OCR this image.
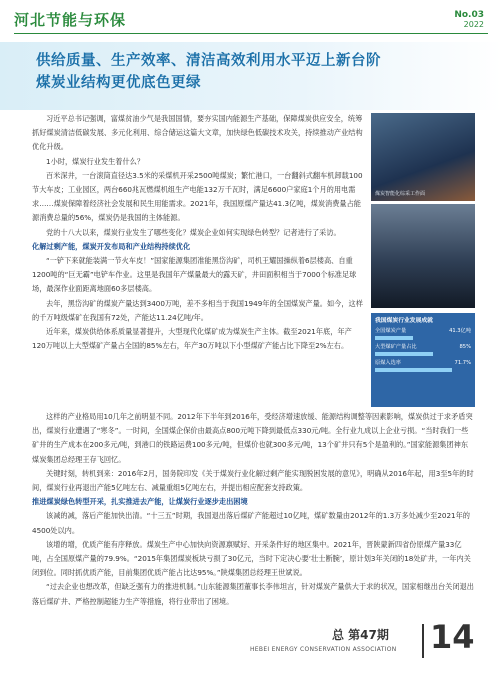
河北节能与环保	No.03
2022
供给质量、生产效率、清洁高效利用水平迈上新台阶
煤炭业结构更优底色更绿

习近平总书记强调，富煤贫油少气是我国国情，要夯实国内能源生产基础，保障煤炭供应安全，统筹抓好煤炭清洁低碳发展、多元化利用、综合储运这篇大文章，加快绿色低碳技术攻关，持续推动产业结构优化升级。

1小时，煤炭行业发生着什么？

百米深井，一台滚筒直径达3.5米的采煤机开采2500吨煤炭；繁忙港口，一台翻斜式翻车机卸载100节大车皮；工业园区，两台660兆瓦燃煤机组生产电能132万千瓦时，满足6600户家庭1个月的用电需求……煤炭保障着经济社会发展和民生用能需求。2021年，我国原煤产量达41.3亿吨，煤炭消费量占能源消费总量的56%，煤炭仍是我国的主体能源。

党的十八大以来，煤炭行业发生了哪些变化？煤炭企业如何实现绿色转型？记者进行了采访。

化解过剩产能，煤炭开发布局和产业结构持续优化

“一铲下来就能装满一节火车皮！”国家能源集团准能黑岱沟矿，司机王耀国操纵着6层楼高、自重1200吨的“巨无霸”电铲车作业。这里是我国年产煤量最大的露天矿，井田面积相当于7000个标准足球场，最深作业面距离地面60多层楼高。

去年，黑岱沟矿的煤炭产量达到3400万吨，差不多相当于我国1949年的全国煤炭产量。如今，这样的千万吨级煤矿在我国有72处，产能达11.24亿吨/年。

近年来，煤炭供给体系质量显著提升，大型现代化煤矿成为煤炭生产主体。截至2021年底，年产120万吨以上大型煤矿产量占全国的85%左右，年产30万吨以下小型煤矿产能占比下降至2%左右。

煤炭智能化综采工作面
我国煤炭行业发展成就
全国煤炭产量	41.3亿吨
大型煤矿产量占比	85%
原煤入选率	71.7%

这样的产业格局用10几年之前明显不同。2012年下半年到2016年，受经济增速放缓、能源结构调整等因素影响，煤炭供过于求矛盾突出，煤炭行业遭遇了“寒冬”。一时间，全国煤企保价由最高点800元吨下降到最低点330元/吨。全行业九成以上企业亏损。“当时我们一些矿井的生产成本在200多元/吨，到港口的铁路运费100多元/吨，但煤价也就300多元/吨，13个矿井只有5个是盈利的。”国家能源集团神东煤炭集团总经理王存飞回忆。

关键时刻，转机到来：2016年2月，国务院印发《关于煤炭行业化解过剩产能实现脱困发展的意见》，明确从2016年起，用3至5年的时间，煤炭行业再退出产能5亿吨左右、减量重组5亿吨左右，并提出相应配套支持政策。

推进煤炭绿色转型开采，扎实推进去产能，让煤炭行业逐步走出困境

该减的减，落后产能加快出清。“十三五”时期，我国退出落后煤矿产能超过10亿吨，煤矿数量由2012年的1.3万多处减少至2021年的4500处以内。

该增的增，优质产能有序释放。煤炭生产中心加快向资源禀赋好、开采条件好的地区集中。2021年，晋陕蒙新四省份原煤产量33亿吨，占全国原煤产量的79.9%。“2015年集团煤炭板块亏损了30亿元，当时下定决心要‘壮士断腕’，原计划3年关闭的18处矿井，一年内关闭到位。同时抓优质产能，目前集团优质产能占比达95%。”陕煤集团总经理王世斌说。

“过去企业也想改革，但缺乏强有力的推进机制。”山东能源集团董事长李伟坦言，针对煤炭产量供大于求的状况，国家相继出台关闭退出落后煤矿井、严格控制超能力生产等措施，将行业带出了困境。

总 第47期
HEBEI ENERGY CONSERVATION ASSOCIATION 14
